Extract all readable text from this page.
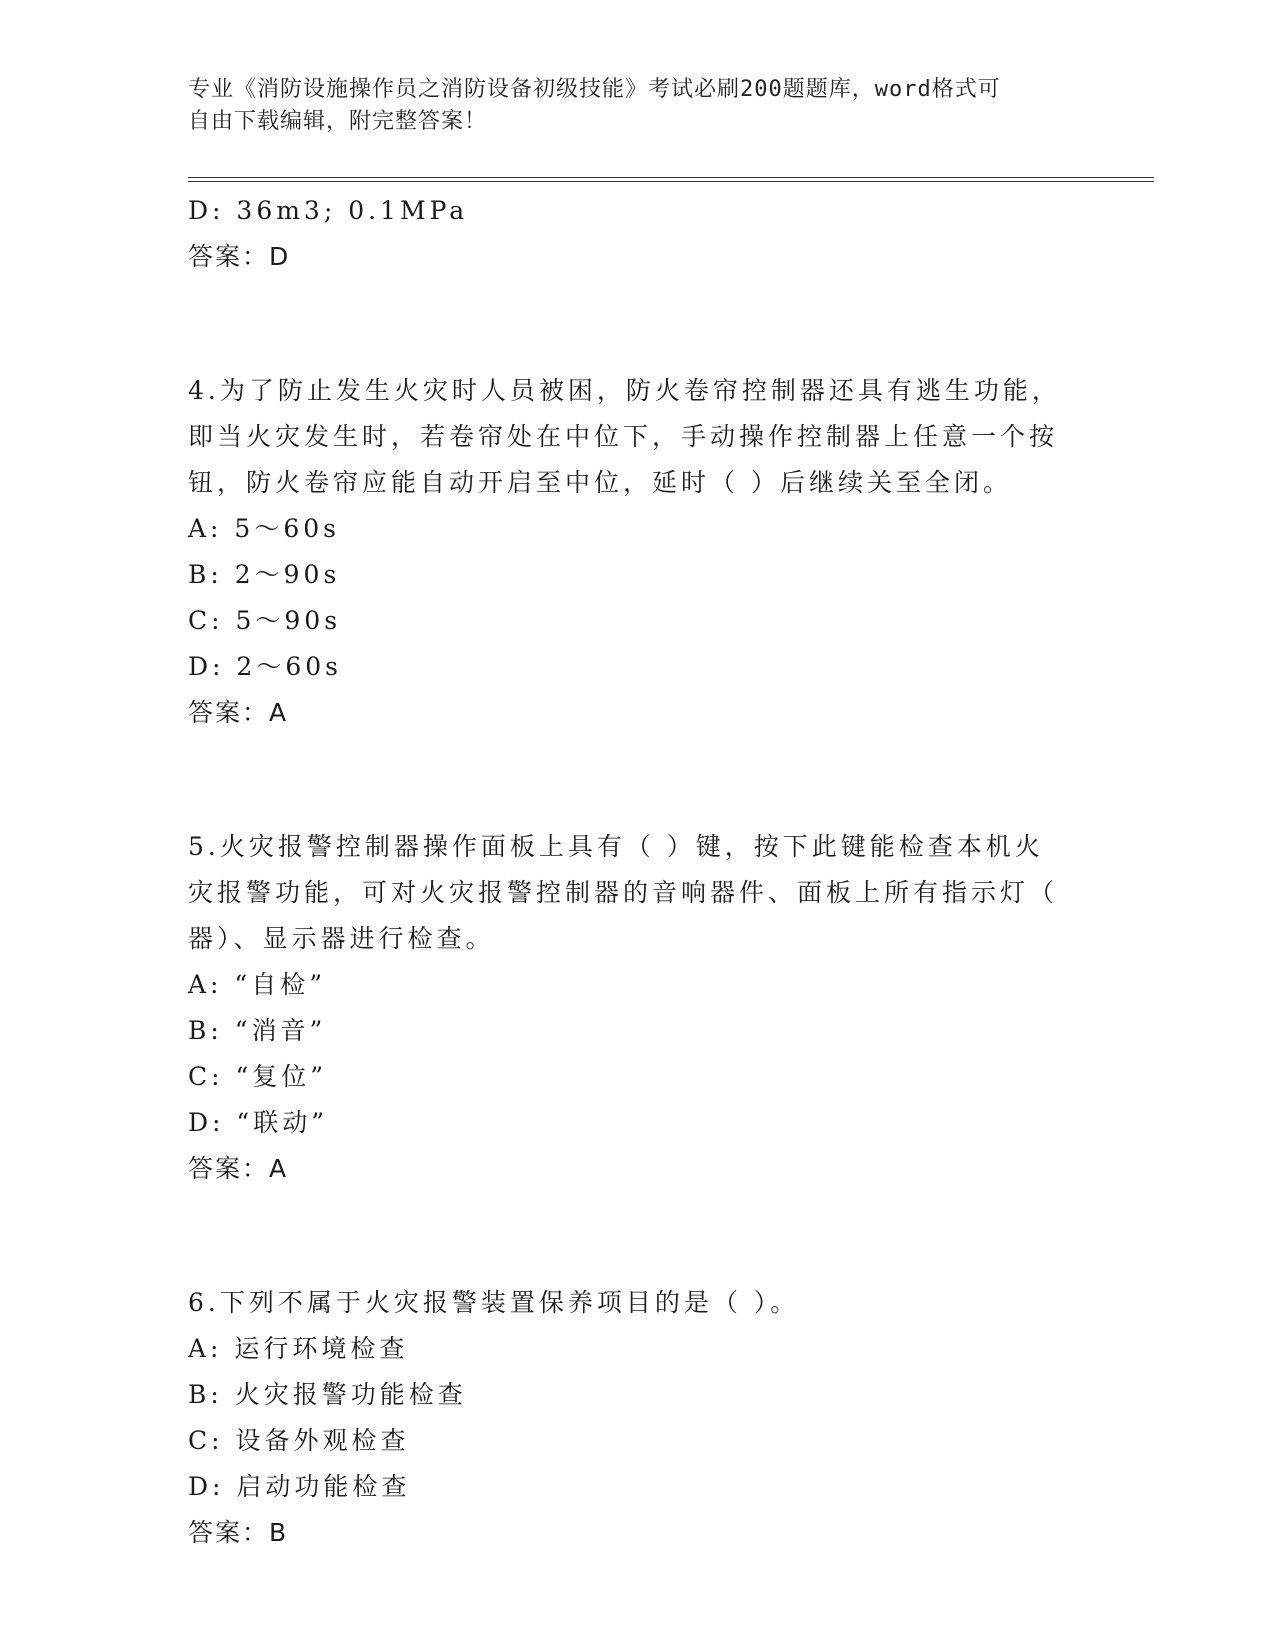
专业《消防设施操作员之消防设备初级技能》考试必刷200题题库，word格式可
自由下载编辑，附完整答案！
D: 36m3; 0.1MPa
答案：D
4.为了防止发生火灾时人员被困，防火卷帘控制器还具有逃生功能，
即当火灾发生时，若卷帘处在中位下，手动操作控制器上任意一个按
钮，防火卷帘应能自动开启至中位，延时（ ）后继续关至全闭。
A: 5～60s
B: 2～90s
C: 5～90s
D: 2～60s
答案：A
5.火灾报警控制器操作面板上具有（ ）键，按下此键能检查本机火
灾报警功能，可对火灾报警控制器的音响器件、面板上所有指示灯（
器）、显示器进行检查。
A: “自检”
B: “消音”
C: “复位”
D: “联动”
答案：A
6.下列不属于火灾报警装置保养项目的是（ ）。
A: 运行环境检查
B: 火灾报警功能检查
C: 设备外观检查
D: 启动功能检查
答案：B
